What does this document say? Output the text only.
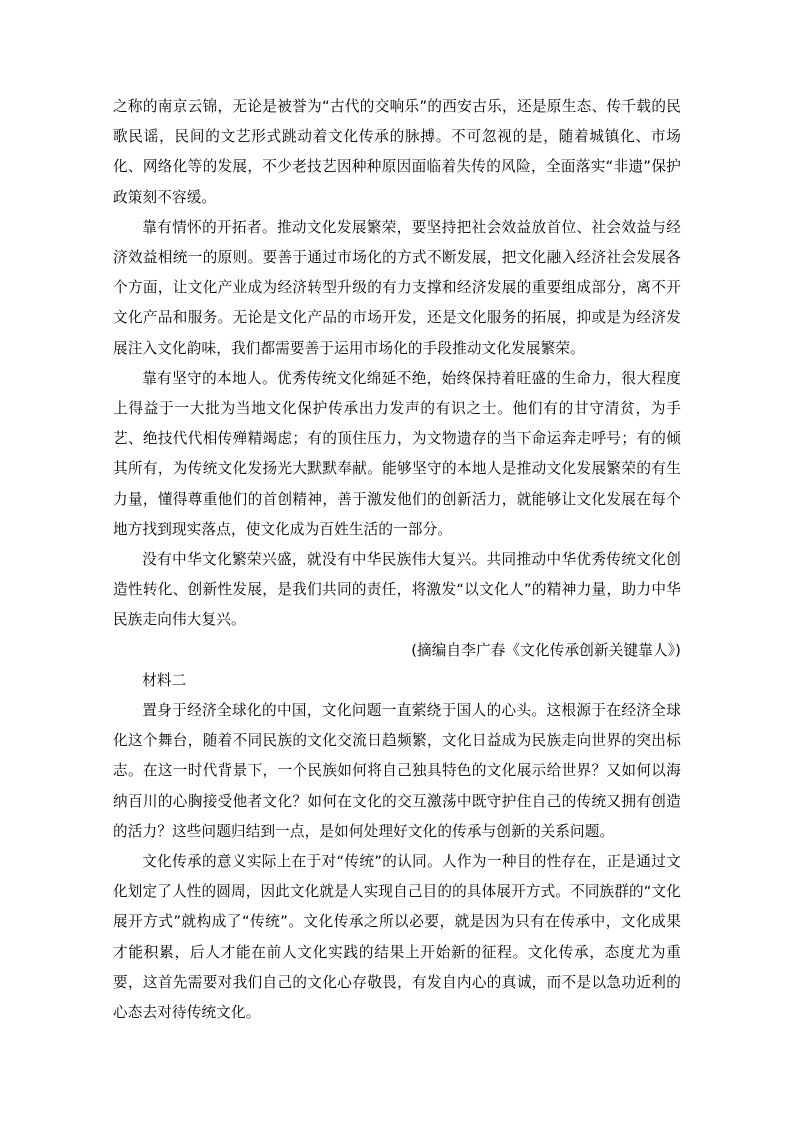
之称的南京云锦，无论是被誉为“古代的交响乐”的西安古乐，还是原生态、传千载的民歌民谣，民间的文艺形式跳动着文化传承的脉搏。不可忽视的是，随着城镇化、市场化、网络化等的发展，不少老技艺因种种原因面临着失传的风险，全面落实“非遗”保护政策刻不容缓。

靠有情怀的开拓者。推动文化发展繁荣，要坚持把社会效益放首位、社会效益与经济效益相统一的原则。要善于通过市场化的方式不断发展，把文化融入经济社会发展各个方面，让文化产业成为经济转型升级的有力支撑和经济发展的重要组成部分，离不开文化产品和服务。无论是文化产品的市场开发，还是文化服务的拓展，抑或是为经济发展注入文化韵味，我们都需要善于运用市场化的手段推动文化发展繁荣。

靠有坚守的本地人。优秀传统文化绵延不绝，始终保持着旺盛的生命力，很大程度上得益于一大批为当地文化保护传承出力发声的有识之士。他们有的甘守清贫，为手艺、绝技代代相传殚精竭虑；有的顶住压力，为文物遗存的当下命运奔走呼号；有的倾其所有，为传统文化发扬光大默默奉献。能够坚守的本地人是推动文化发展繁荣的有生力量，懂得尊重他们的首创精神，善于激发他们的创新活力，就能够让文化发展在每个地方找到现实落点，使文化成为百姓生活的一部分。

没有中华文化繁荣兴盛，就没有中华民族伟大复兴。共同推动中华优秀传统文化创造性转化、创新性发展，是我们共同的责任，将激发“以文化人”的精神力量，助力中华民族走向伟大复兴。

(摘编自李广春《文化传承创新关键靠人》)

材料二

置身于经济全球化的中国，文化问题一直萦绕于国人的心头。这根源于在经济全球化这个舞台，随着不同民族的文化交流日趋频繁，文化日益成为民族走向世界的突出标志。在这一时代背景下，一个民族如何将自己独具特色的文化展示给世界？又如何以海纳百川的心胸接受他者文化？如何在文化的交互激荡中既守护住自己的传统又拥有创造的活力？这些问题归结到一点，是如何处理好文化的传承与创新的关系问题。

文化传承的意义实际上在于对“传统”的认同。人作为一种目的性存在，正是通过文化划定了人性的圆周，因此文化就是人实现自己目的的具体展开方式。不同族群的“文化展开方式”就构成了“传统”。文化传承之所以必要，就是因为只有在传承中，文化成果才能积累，后人才能在前人文化实践的结果上开始新的征程。文化传承，态度尤为重要，这首先需要对我们自己的文化心存敬畏，有发自内心的真诚，而不是以急功近利的心态去对待传统文化。
